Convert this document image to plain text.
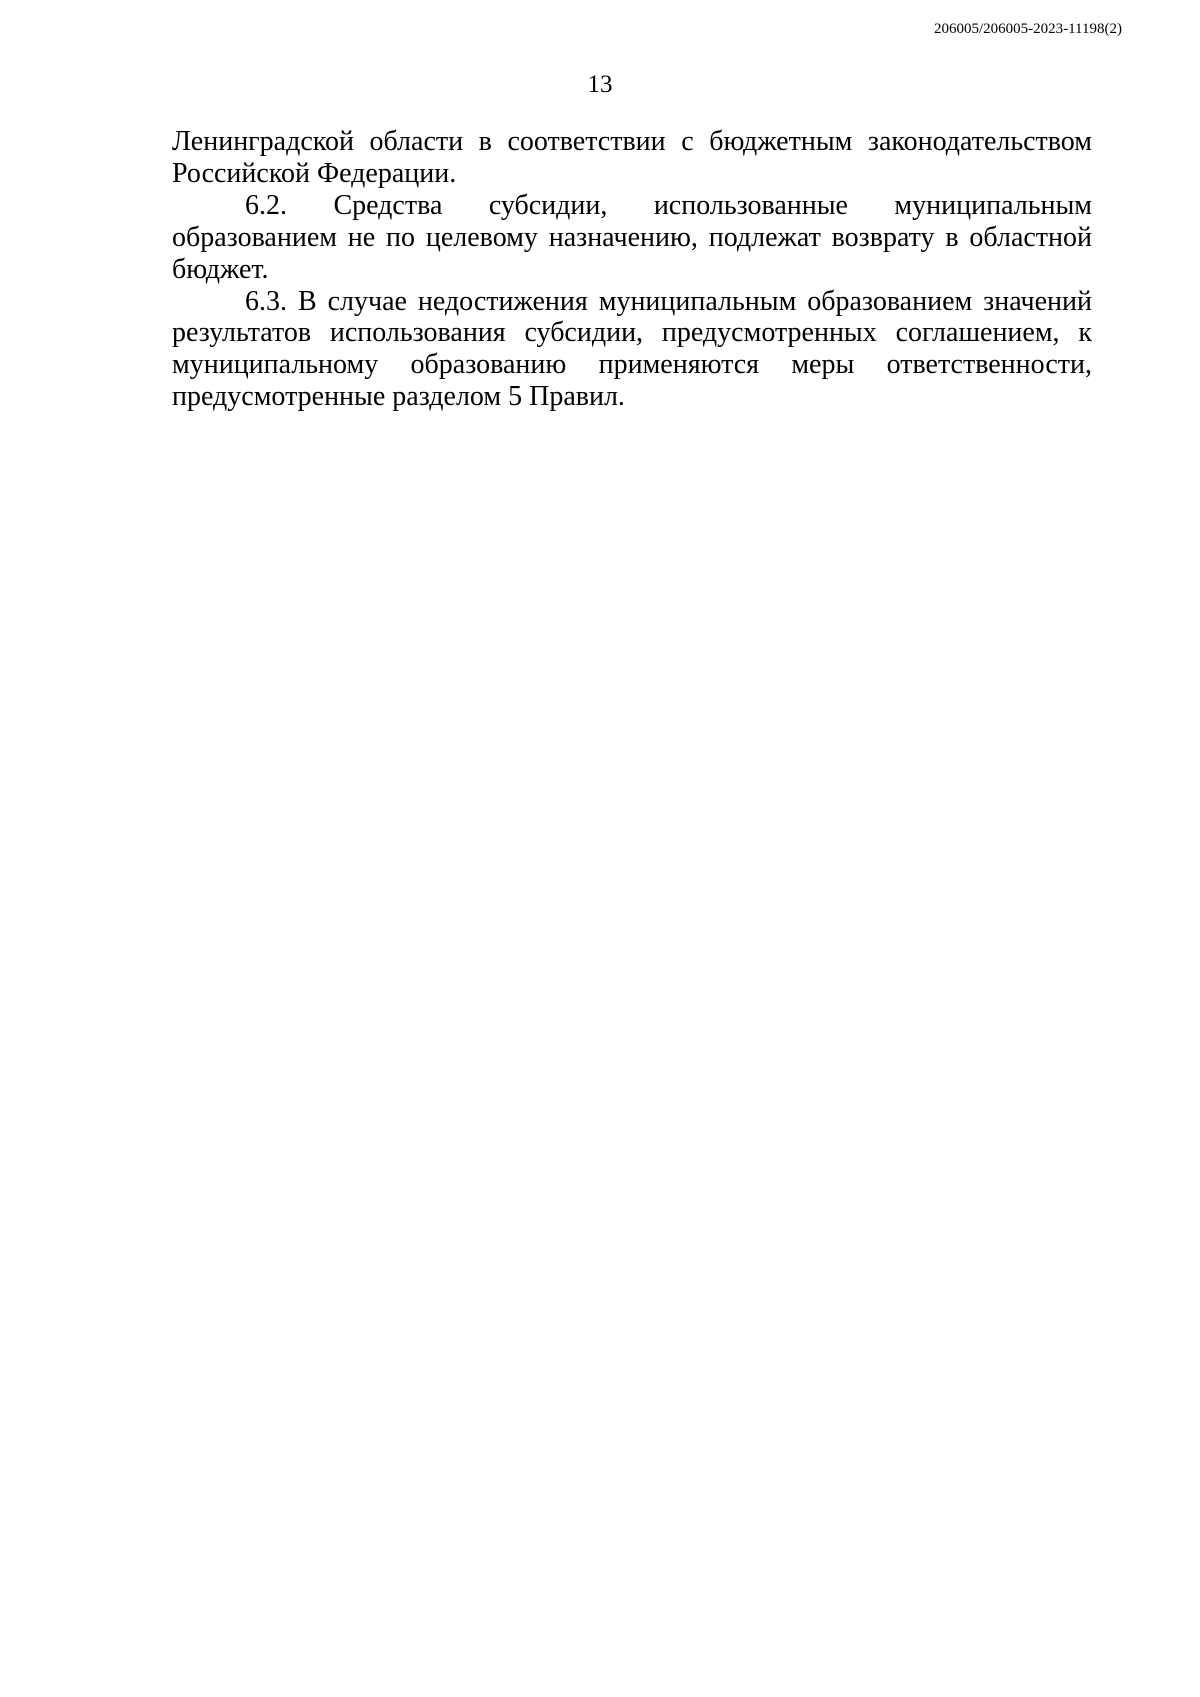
206005/206005-2023-11198(2)
13

Ленинградской области в соответствии с бюджетным законодательством Российской Федерации.

6.2. Средства субсидии, использованные муниципальным образованием не по целевому назначению, подлежат возврату в областной бюджет.

6.3. В случае недостижения муниципальным образованием значений результатов использования субсидии, предусмотренных соглашением, к муниципальному образованию применяются меры ответственности, предусмотренные разделом 5 Правил.
